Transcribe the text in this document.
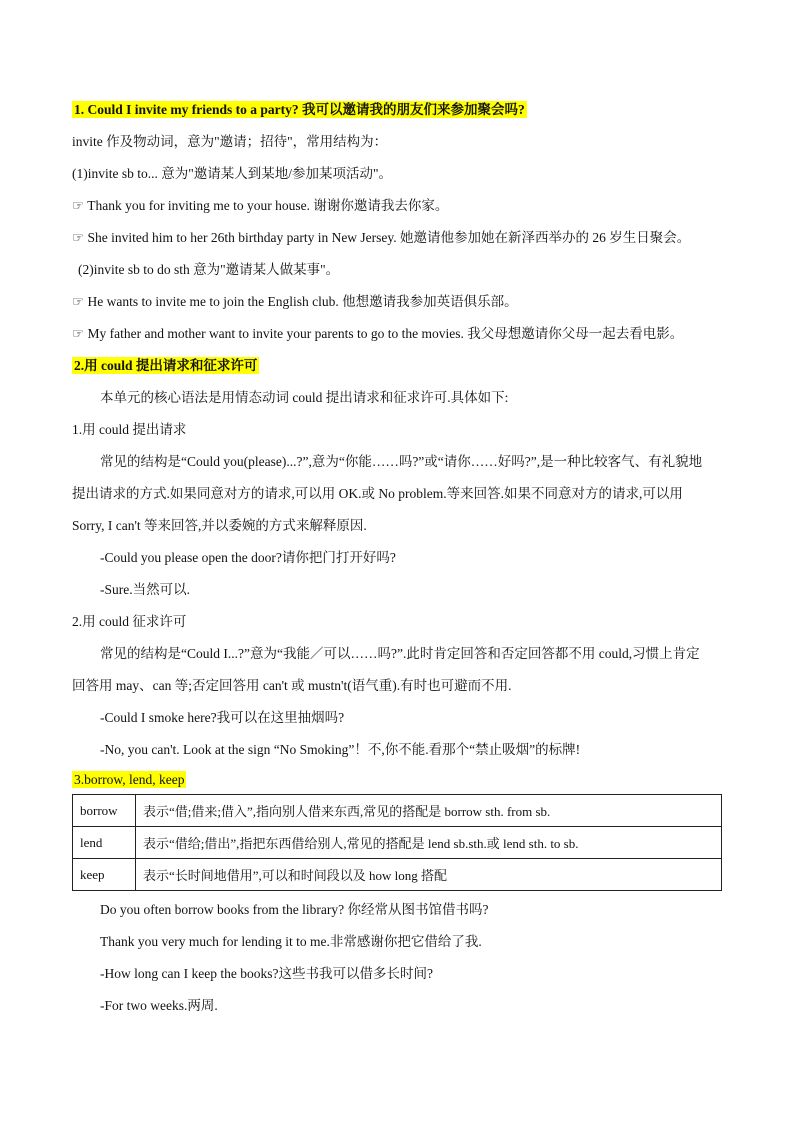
1. Could I invite my friends to a party? 我可以邀请我的朋友们来参加聚会吗?
invite 作及物动词，意为"邀请；招待"，常用结构为：
(1)invite sb to... 意为"邀请某人到某地/参加某项活动"。
☞ Thank you for inviting me to your house. 谢谢你邀请我去你家。
☞ She invited him to her 26th birthday party in New Jersey. 她邀请他参加她在新泽西举办的 26 岁生日聚会。
(2)invite sb to do sth 意为"邀请某人做某事"。
☞ He wants to invite me to join the English club. 他想邀请我参加英语俱乐部。
☞ My father and mother want to invite your parents to go to the movies. 我父母想邀请你父母一起去看电影。
2.用 could 提出请求和征求许可
本单元的核心语法是用情态动词 could 提出请求和征求许可.具体如下:
1.用 could 提出请求
常见的结构是“Could you(please)...?”,意为“你能……吗?”或“请你……好吗?”,是一种比较客气、有礼貌地
提出请求的方式.如果同意对方的请求,可以用 OK.或 No problem.等来回答.如果不同意对方的请求,可以用
Sorry, I can't 等来回答,并以委婉的方式来解释原因.
-Could you please open the door?请你把门打开好吗?
-Sure.当然可以.
2.用 could 征求许可
常见的结构是“Could I...?”意为“我能／可以……吗?”.此时肯定回答和否定回答都不用 could,习惯上肯定
回答用 may、can 等;否定回答用 can't 或 mustn't(语气重).有时也可避而不用.
-Could I smoke here?我可以在这里抽烟吗?
-No, you can't. Look at the sign “No Smoking”！不,你不能.看那个“禁止吸烟”的标牌!
3.borrow, lend, keep
borrow	表示“借;借来;借入”,指向别人借来东西,常见的搭配是 borrow sth. from sb.
lend	表示“借给;借出”,指把东西借给别人,常见的搭配是 lend sb.sth.或 lend sth. to sb.
keep	表示“长时间地借用”,可以和时间段以及 how long 搭配
Do you often borrow books from the library? 你经常从图书馆借书吗?
Thank you very much for lending it to me.非常感谢你把它借给了我.
-How long can I keep the books?这些书我可以借多长时间?
-For two weeks.两周.
